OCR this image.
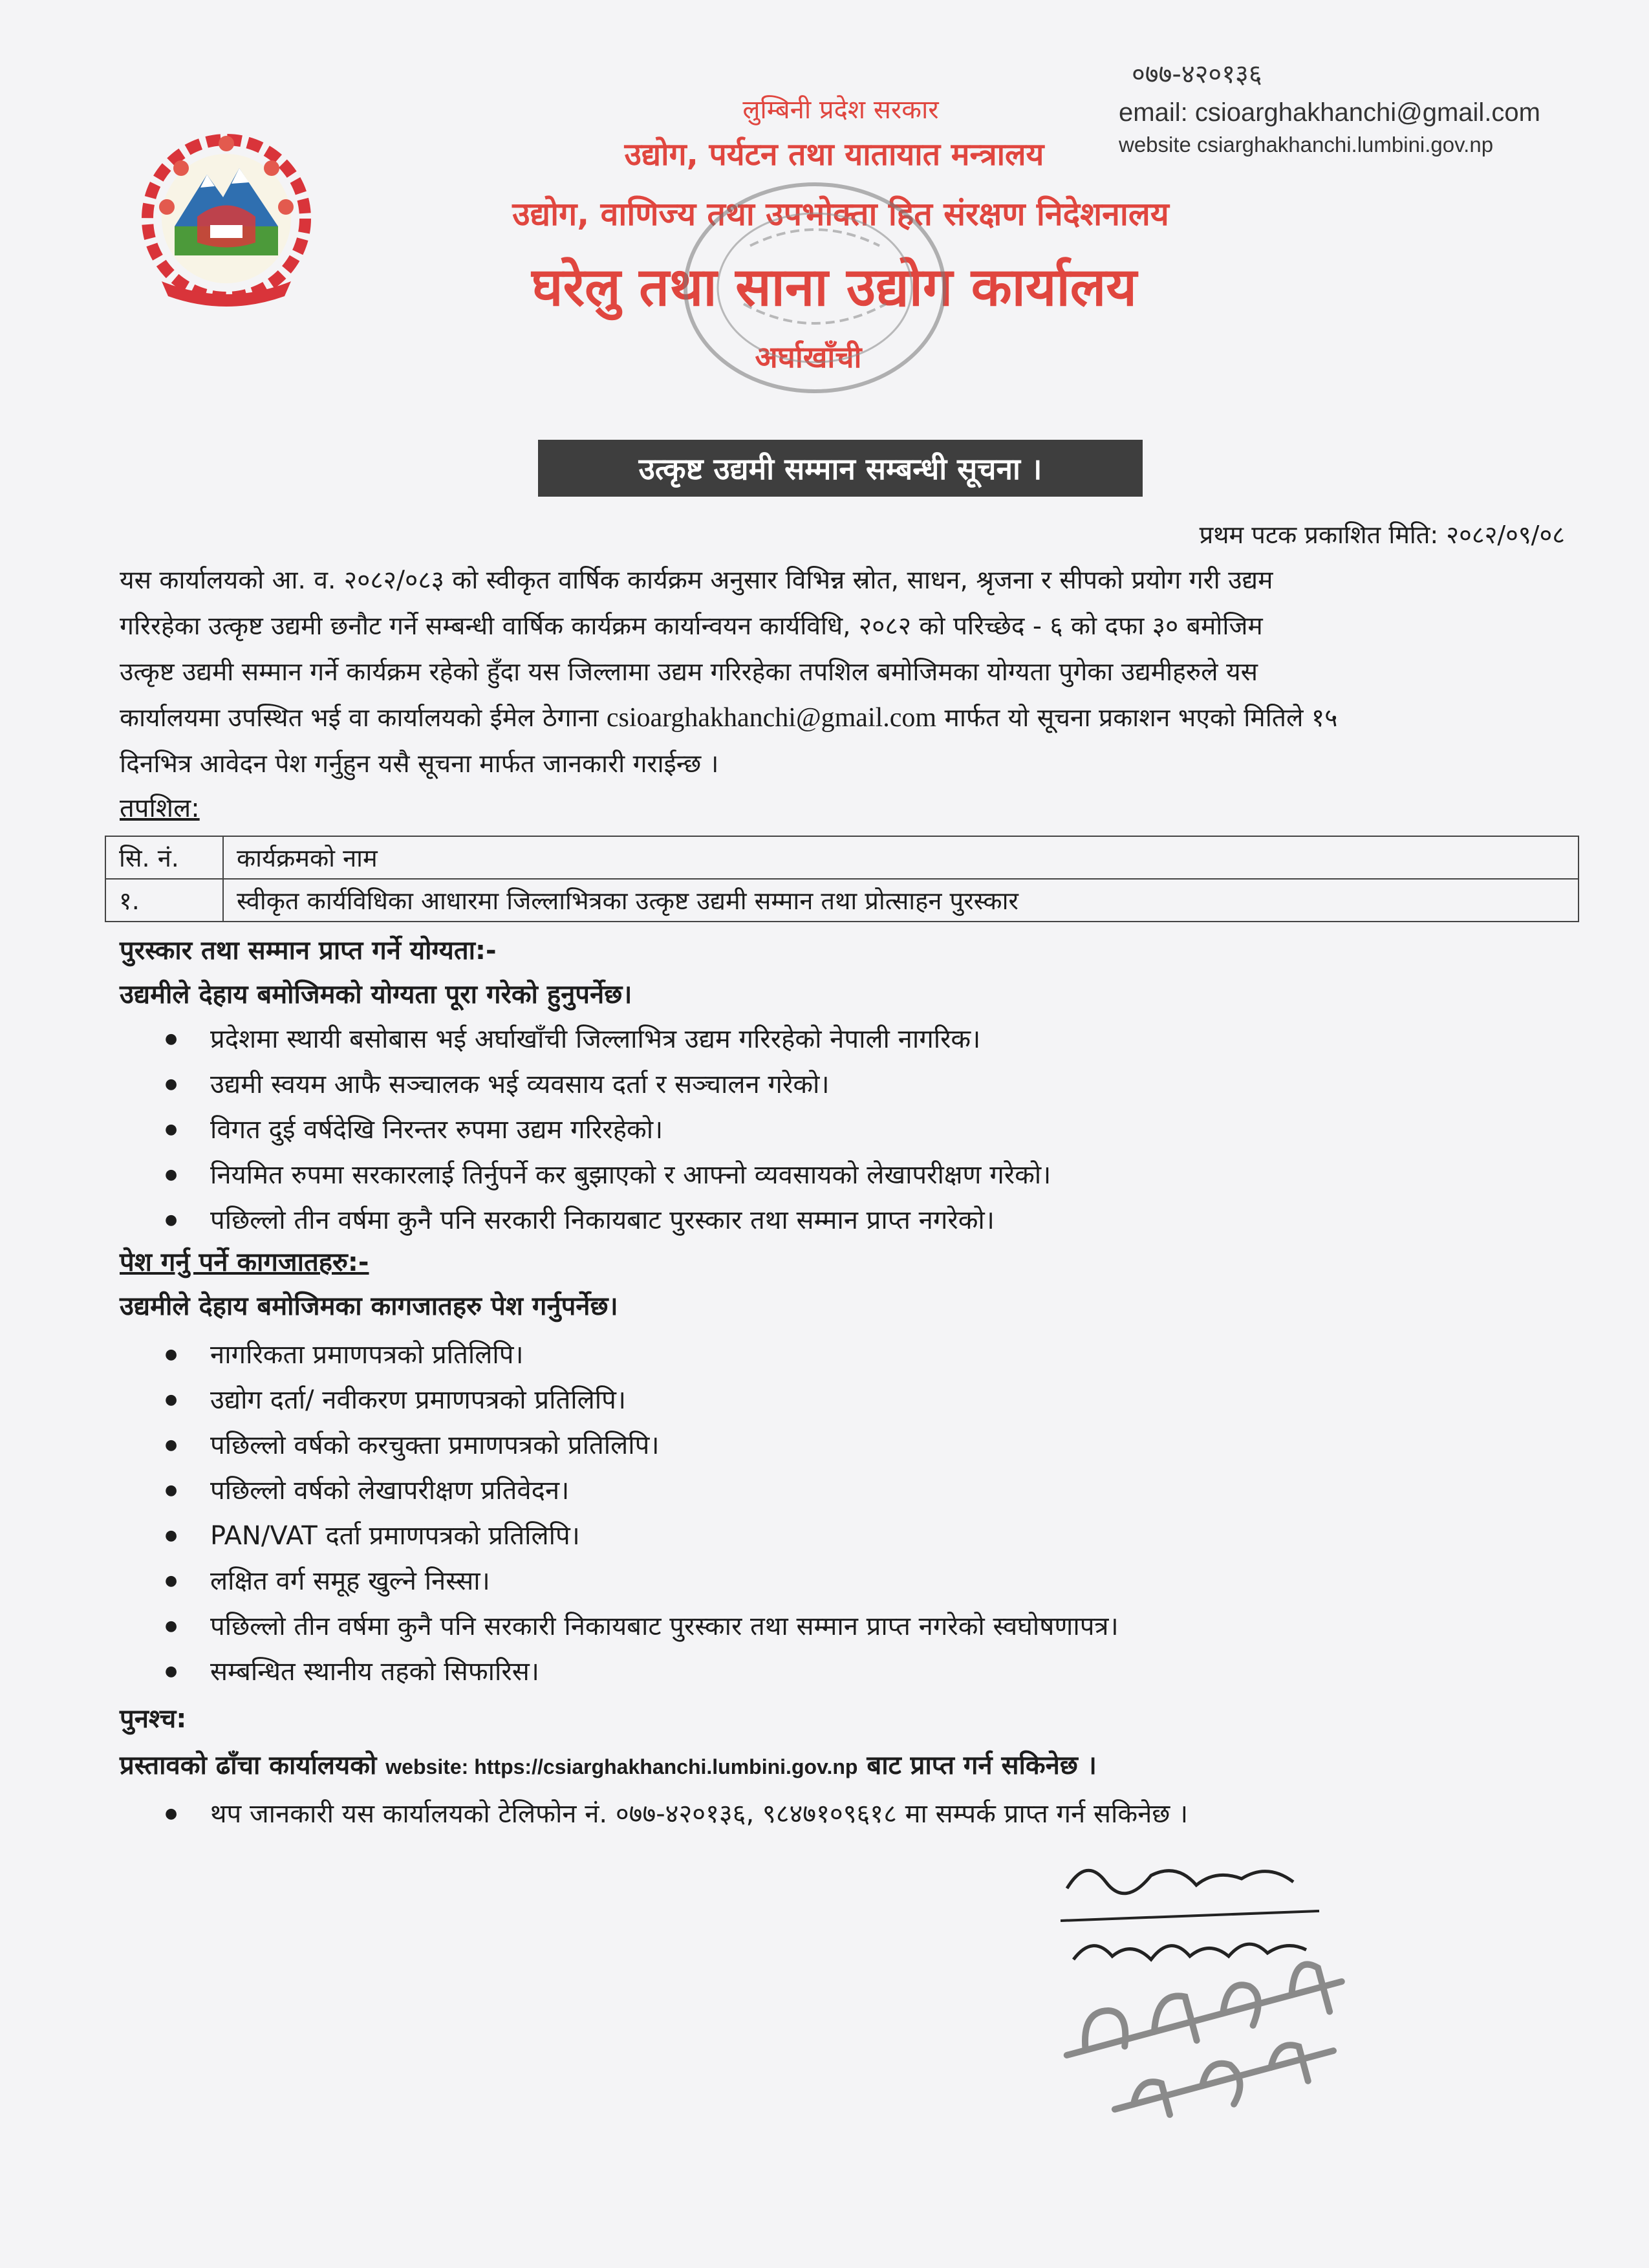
लुम्बिनी प्रदेश सरकार
उद्योग, पर्यटन तथा यातायात मन्त्रालय
उद्योग, वाणिज्य तथा उपभोक्ता हित संरक्षण निदेशनालय
घरेलु तथा साना उद्योग कार्यालय
अर्घाखाँची
०७७-४२०१३६
email: csioarghakhanchi@gmail.com
website csiarghakhanchi.lumbini.gov.np
उत्कृष्ट उद्यमी सम्मान सम्बन्धी सूचना ।
प्रथम पटक प्रकाशित मिति: २०८२/०९/०८
यस कार्यालयको आ. व. २०८२/०८३ को स्वीकृत वार्षिक कार्यक्रम अनुसार विभिन्न स्रोत, साधन, श्रृजना र सीपको प्रयोग गरी उद्यम
गरिरहेका उत्कृष्ट उद्यमी छनौट गर्ने सम्बन्धी वार्षिक कार्यक्रम कार्यान्वयन कार्यविधि, २०८२ को परिच्छेद - ६ को दफा ३० बमोजिम
उत्कृष्ट उद्यमी सम्मान गर्ने कार्यक्रम रहेको हुँदा यस जिल्लामा उद्यम गरिरहेका तपशिल बमोजिमका योग्यता पुगेका उद्यमीहरुले यस
कार्यालयमा उपस्थित भई वा कार्यालयको ईमेल ठेगाना csioarghakhanchi@gmail.com मार्फत यो सूचना प्रकाशन भएको मितिले १५
दिनभित्र आवेदन पेश गर्नुहुन यसै सूचना मार्फत जानकारी गराईन्छ ।
तपशिल:
सि. नं.	कार्यक्रमको नाम
१.	स्वीकृत कार्यविधिका आधारमा जिल्लाभित्रका उत्कृष्ट उद्यमी सम्मान तथा प्रोत्साहन पुरस्कार
पुरस्कार तथा सम्मान प्राप्त गर्ने योग्यता:-
उद्यमीले देहाय बमोजिमको योग्यता पूरा गरेको हुनुपर्नेछ।
● प्रदेशमा स्थायी बसोबास भई अर्घाखाँची जिल्लाभित्र उद्यम गरिरहेको नेपाली नागरिक।
● उद्यमी स्वयम आफै सञ्चालक भई व्यवसाय दर्ता र सञ्चालन गरेको।
● विगत दुई वर्षदेखि निरन्तर रुपमा उद्यम गरिरहेको।
● नियमित रुपमा सरकारलाई तिर्नुपर्ने कर बुझाएको र आफ्नो व्यवसायको लेखापरीक्षण गरेको।
● पछिल्लो तीन वर्षमा कुनै पनि सरकारी निकायबाट पुरस्कार तथा सम्मान प्राप्त नगरेको।
पेश गर्नु पर्ने कागजातहरु:-
उद्यमीले देहाय बमोजिमका कागजातहरु पेश गर्नुपर्नेछ।
● नागरिकता प्रमाणपत्रको प्रतिलिपि।
● उद्योग दर्ता/ नवीकरण प्रमाणपत्रको प्रतिलिपि।
● पछिल्लो वर्षको करचुक्ता प्रमाणपत्रको प्रतिलिपि।
● पछिल्लो वर्षको लेखापरीक्षण प्रतिवेदन।
● PAN/VAT दर्ता प्रमाणपत्रको प्रतिलिपि।
● लक्षित वर्ग समूह खुल्ने निस्सा।
● पछिल्लो तीन वर्षमा कुनै पनि सरकारी निकायबाट पुरस्कार तथा सम्मान प्राप्त नगरेको स्वघोषणापत्र।
● सम्बन्धित स्थानीय तहको सिफारिस।
पुनश्च:
प्रस्तावको ढाँचा कार्यालयको website: https://csiarghakhanchi.lumbini.gov.np बाट प्राप्त गर्न सकिनेछ ।
● थप जानकारी यस कार्यालयको टेलिफोन नं. ०७७-४२०१३६, ९८४७१०९६१८ मा सम्पर्क प्राप्त गर्न सकिनेछ ।
